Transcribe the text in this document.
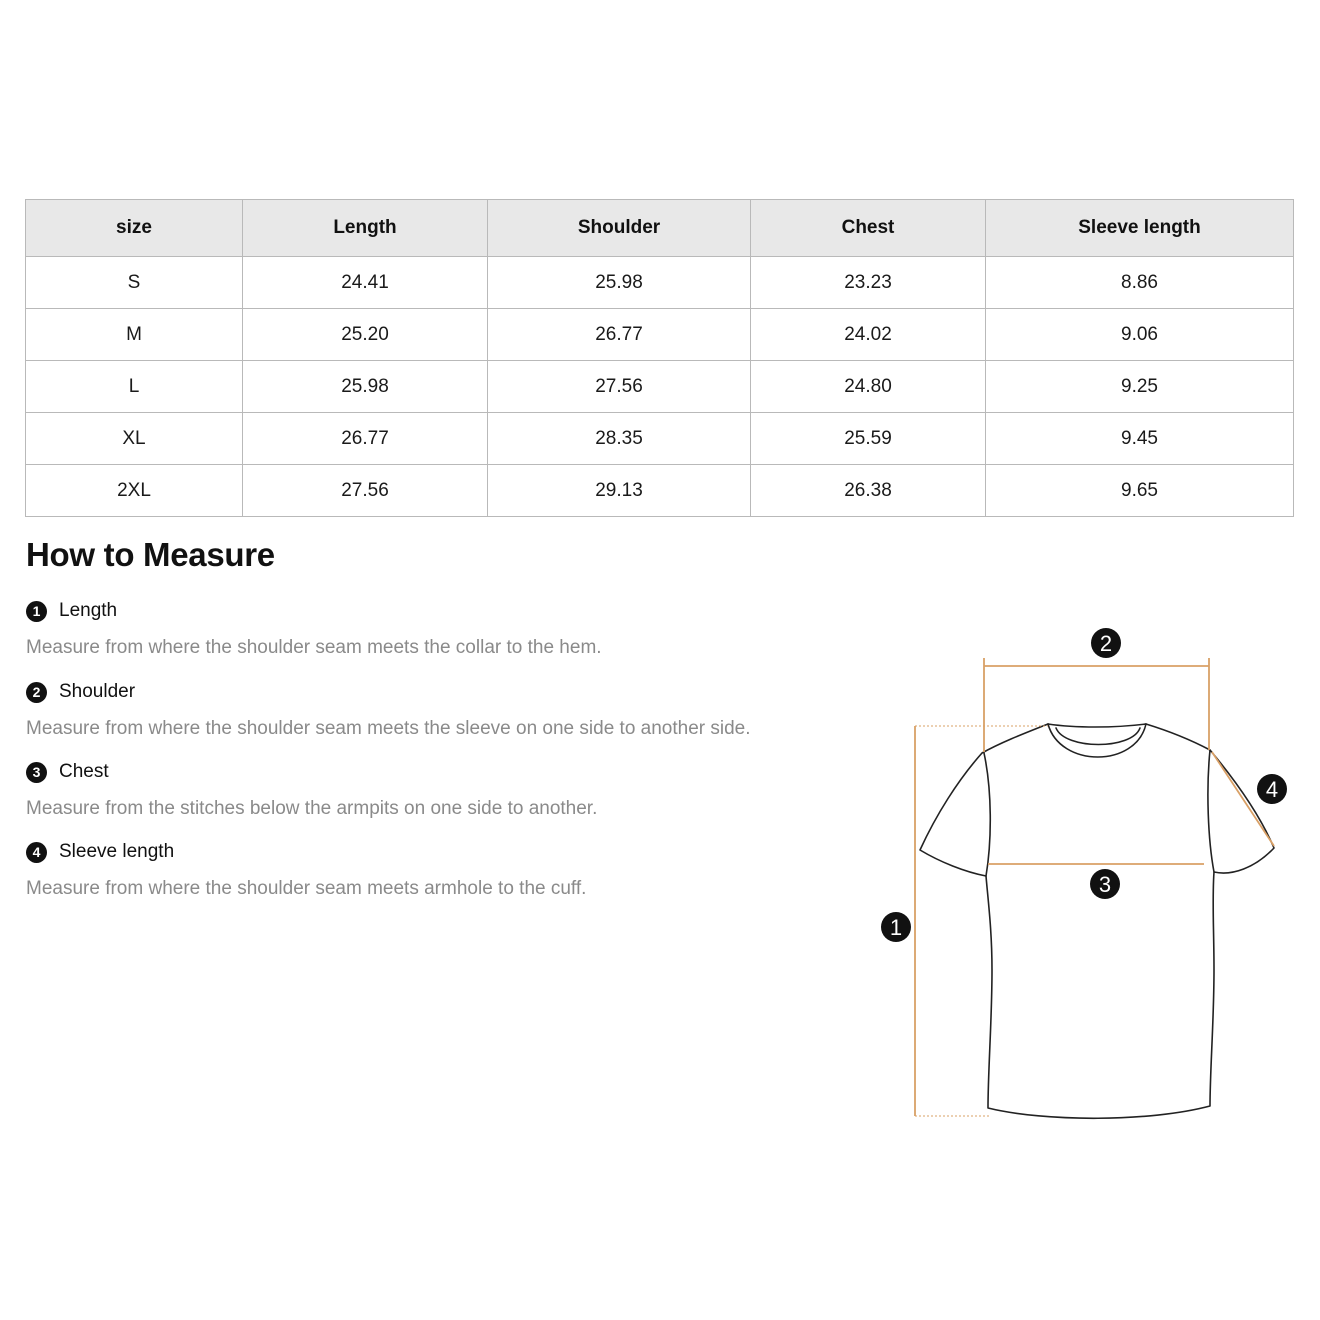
size	Length	Shoulder	Chest	Sleeve length
S	24.41	25.98	23.23	8.86
M	25.20	26.77	24.02	9.06
L	25.98	27.56	24.80	9.25
XL	26.77	28.35	25.59	9.45
2XL	27.56	29.13	26.38	9.65
How to Measure
1 Length
Measure from where the shoulder seam meets the collar to the hem.
2 Shoulder
Measure from where the shoulder seam meets the sleeve on one side to another side.
3 Chest
Measure from the stitches below the armpits on one side to another.
4 Sleeve length
Measure from where the shoulder seam meets armhole to the cuff.
2
4
3
1
